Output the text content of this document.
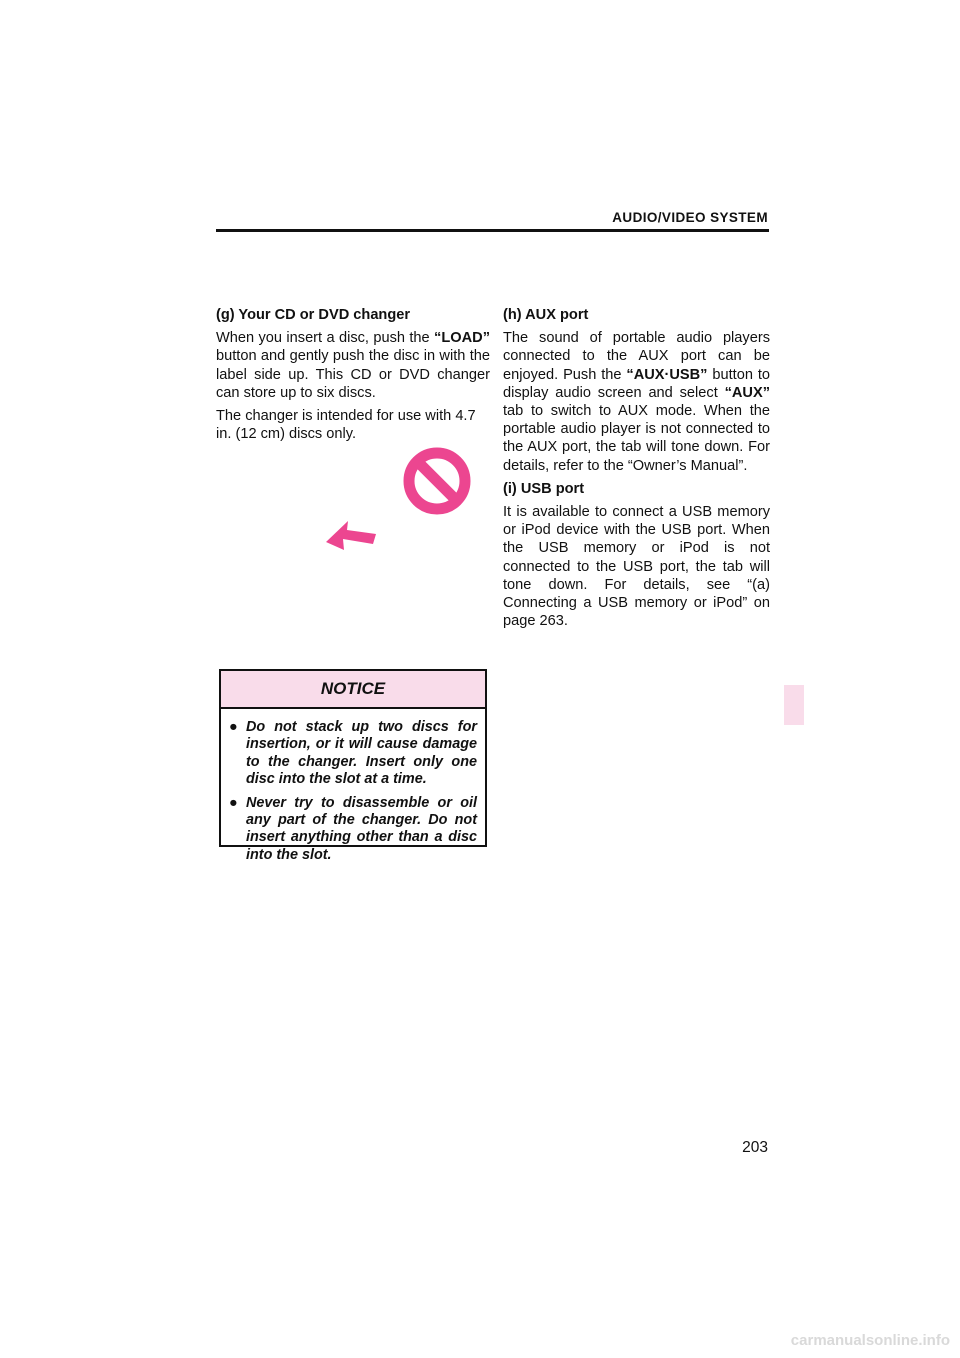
AUDIO/VIDEO SYSTEM

(g) Your CD or DVD changer

When you insert a disc, push the “LOAD” button and gently push the disc in with the label side up. This CD or DVD changer can store up to six discs.

The changer is intended for use with 4.7 in. (12 cm) discs only.

NOTICE
● Do not stack up two discs for insertion, or it will cause damage to the changer. Insert only one disc into the slot at a time.
● Never try to disassemble or oil any part of the changer. Do not insert anything other than a disc into the slot.

(h) AUX port

The sound of portable audio players connected to the AUX port can be enjoyed. Push the “AUX·USB” button to display audio screen and select “AUX” tab to switch to AUX mode. When the portable audio player is not connected to the AUX port, the tab will tone down. For details, refer to the “Owner’s Manual”.

(i) USB port

It is available to connect a USB memory or iPod device with the USB port. When the USB memory or iPod is not connected to the USB port, the tab will tone down. For details, see “(a) Connecting a USB memory or iPod” on page 263.

203
carmanualsonline.info
